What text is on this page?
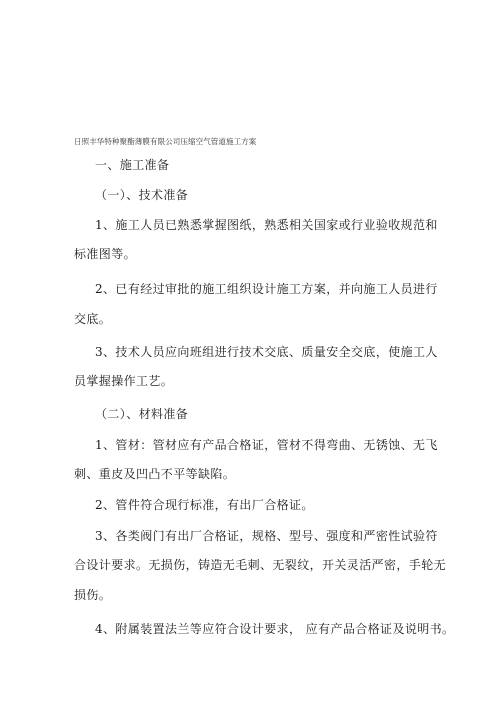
日照丰华特种聚酯薄膜有限公司压缩空气管道施工方案
一、施工准备
（一）、技术准备
1、施工人员已熟悉掌握图纸，熟悉相关国家或行业验收规范和
标准图等。
2、已有经过审批的施工组织设计施工方案，并向施工人员进行
交底。
3、技术人员应向班组进行技术交底、质量安全交底，使施工人
员掌握操作工艺。
（二）、材料准备
1、管材：管材应有产品合格证，管材不得弯曲、无锈蚀、无飞
刺、重皮及凹凸不平等缺陷。
2、管件符合现行标准，有出厂合格证。
3、各类阀门有出厂合格证，规格、型号、强度和严密性试验符
合设计要求。无损伤，铸造无毛刺、无裂纹，开关灵活严密，手轮无
损伤。
4、附属装置法兰等应符合设计要求， 应有产品合格证及说明书。
